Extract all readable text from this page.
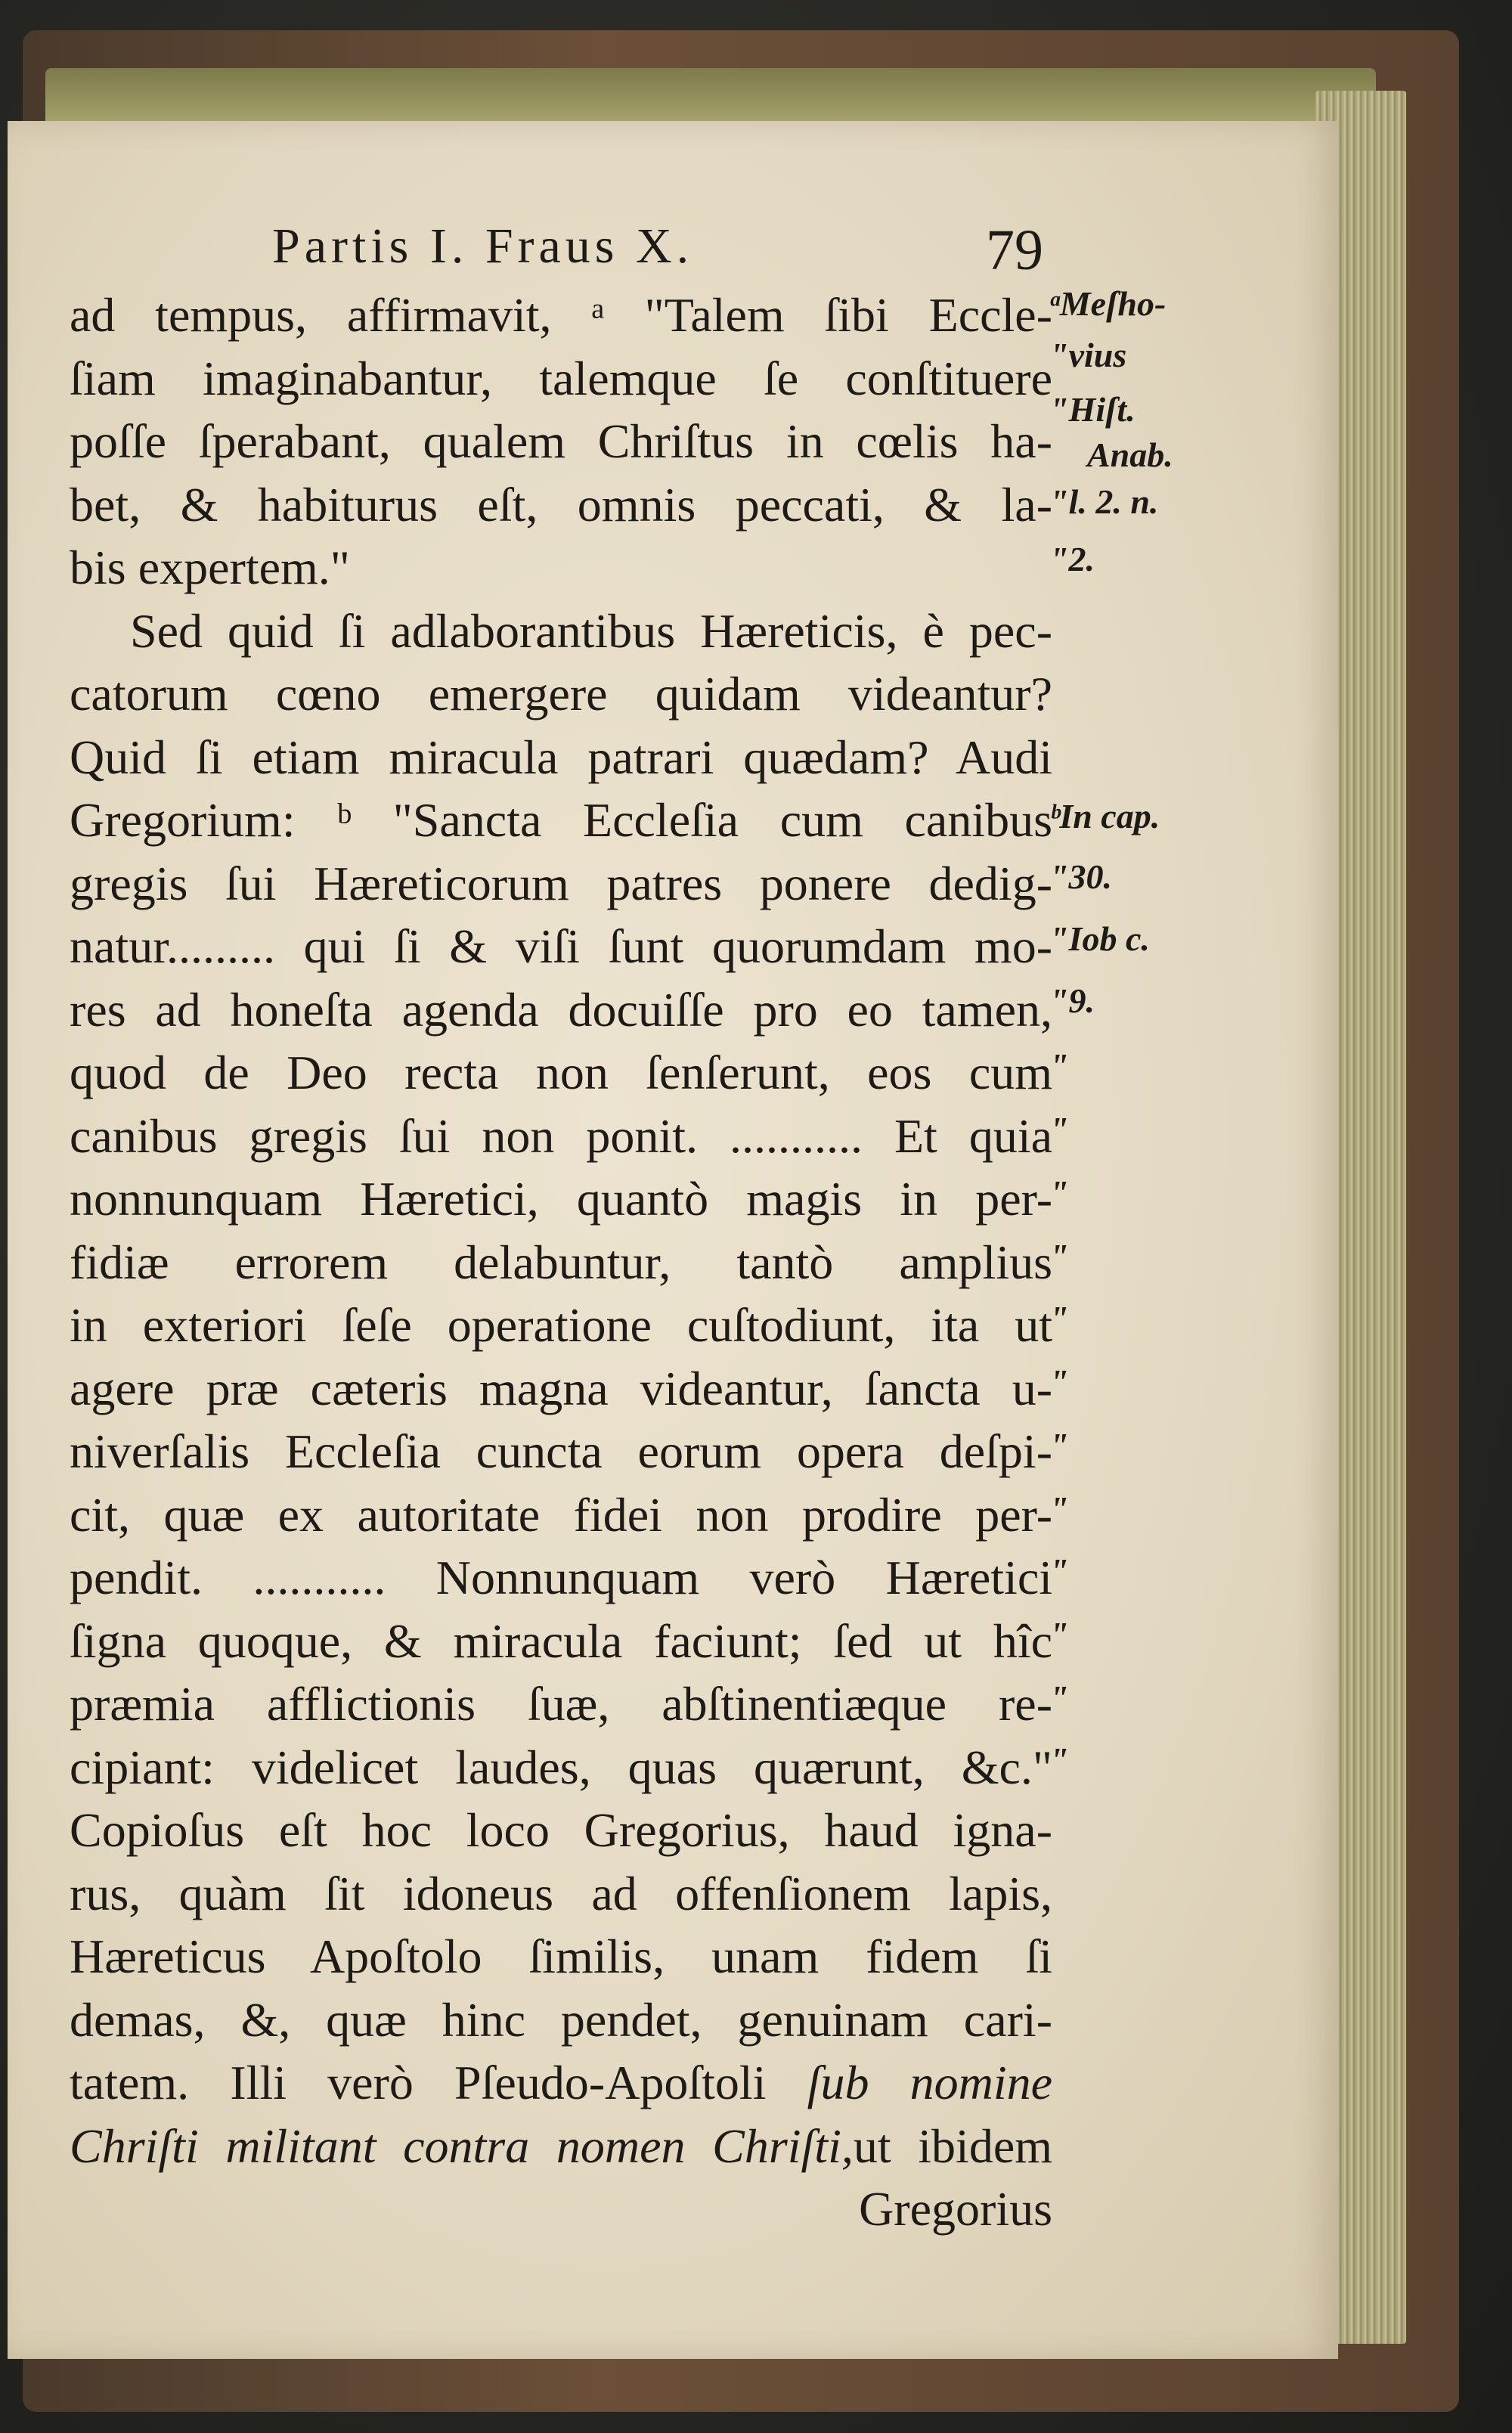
Partis I. Fraus X.	79
ad tempus, affirmavit, ᵃ "Talem ſibi Eccle-
ſiam imaginabantur, talemque ſe conſtituere
poſſe ſperabant, qualem Chriſtus in cœlis ha-
bet, & habiturus eſt, omnis peccati, & la-
bis expertem."
Sed quid ſi adlaborantibus Hæreticis, è pec-
catorum cœno emergere quidam videantur?
Quid ſi etiam miracula patrari quædam? Audi
Gregorium: ᵇ "Sancta Eccleſia cum canibus
gregis ſui Hæreticorum patres ponere dedig-
natur......... qui ſi & viſi ſunt quorumdam mo-
res ad honeſta agenda docuiſſe pro eo tamen,
quod de Deo recta non ſenſerunt, eos cum
canibus gregis ſui non ponit. ........... Et quia
nonnunquam Hæretici, quantò magis in per-
fidiæ errorem delabuntur, tantò amplius
in exteriori ſeſe operatione cuſtodiunt, ita ut
agere præ cæteris magna videantur, ſancta u-
niverſalis Eccleſia cuncta eorum opera deſpi-
cit, quæ ex autoritate fidei non prodire per-
pendit. ........... Nonnunquam verò Hæretici
ſigna quoque, & miracula faciunt; ſed ut hîc
præmia afflictionis ſuæ, abſtinentiæque re-
cipiant: videlicet laudes, quas quærunt, &c."
Copioſus eſt hoc loco Gregorius, haud igna-
rus, quàm ſit idoneus ad offenſionem lapis,
Hæreticus Apoſtolo ſimilis, unam fidem ſi
demas, &, quæ hinc pendet, genuinam cari-
tatem. Illi verò Pſeudo-Apoſtoli ſub nomine
Chriſti militant contra nomen Chriſti,ut ibidem
Gregorius
ᵃMeſho-
"vius
"Hiſt.
Anab.
"l. 2. n.
"2.
ᵇIn cap.
"30.
"Iob c.
"9.
"
"
"
"
"
"
"
"
"
"
"
"
